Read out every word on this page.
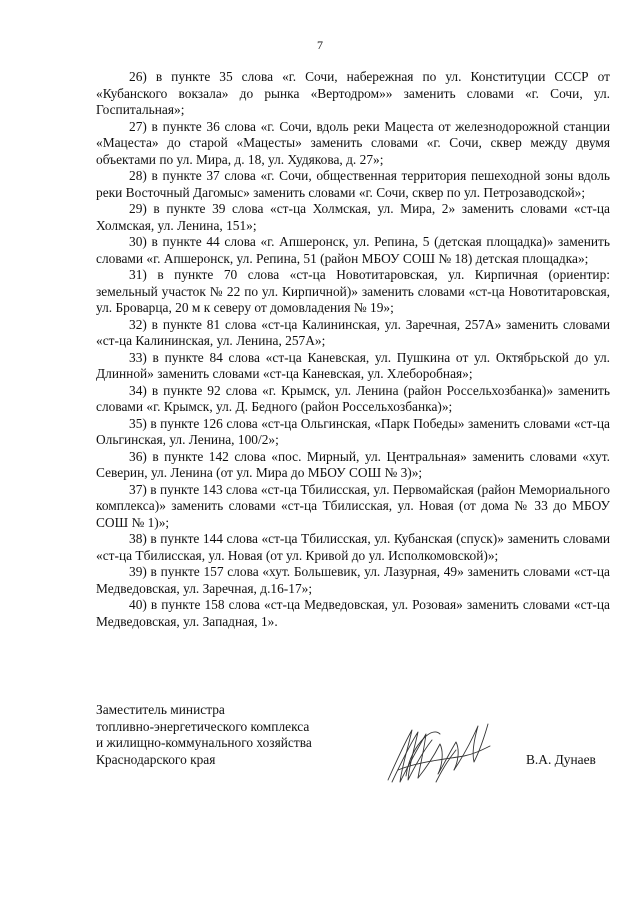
7

26) в пункте 35 слова «г. Сочи, набережная по ул. Конституции СССР от «Кубанского вокзала» до рынка «Вертодром»» заменить словами «г. Сочи, ул. Госпитальная»;

27) в пункте 36 слова «г. Сочи, вдоль реки Мацеста от железнодорожной станции «Мацеста» до старой «Мацесты» заменить словами «г. Сочи, сквер между двумя объектами по ул. Мира, д. 18, ул. Худякова, д. 27»;

28) в пункте 37 слова «г. Сочи, общественная территория пешеходной зоны вдоль реки Восточный Дагомыс» заменить словами «г. Сочи, сквер по ул. Петрозаводской»;

29) в пункте 39 слова «ст-ца Холмская, ул. Мира, 2» заменить словами «ст-ца Холмская, ул. Ленина, 151»;

30) в пункте 44 слова «г. Апшеронск, ул. Репина, 5 (детская площадка)» заменить словами «г. Апшеронск, ул. Репина, 51 (район МБОУ СОШ № 18) детская площадка»;

31) в пункте 70 слова «ст-ца Новотитаровская, ул. Кирпичная (ориентир: земельный участок № 22 по ул. Кирпичной)» заменить словами «ст-ца Новотитаровская, ул. Броварца, 20 м к северу от домовладения № 19»;

32) в пункте 81 слова «ст-ца Калининская, ул. Заречная, 257А» заменить словами «ст-ца Калининская, ул. Ленина, 257А»;

33) в пункте 84 слова «ст-ца Каневская, ул. Пушкина от ул. Октябрьской до ул. Длинной» заменить словами «ст-ца Каневская, ул. Хлеборобная»;

34) в пункте 92 слова «г. Крымск, ул. Ленина (район Россельхозбанка)» заменить словами «г. Крымск, ул. Д. Бедного (район Россельхозбанка)»;

35) в пункте 126 слова «ст-ца Ольгинская, «Парк Победы» заменить словами «ст-ца Ольгинская, ул. Ленина, 100/2»;

36) в пункте 142 слова «пос. Мирный, ул. Центральная» заменить словами «хут. Северин, ул. Ленина (от ул. Мира до МБОУ СОШ № 3)»;

37) в пункте 143 слова «ст-ца Тбилисская, ул. Первомайская (район Мемориального комплекса)» заменить словами «ст-ца Тбилисская, ул. Новая (от дома № 33 до МБОУ СОШ № 1)»;

38) в пункте 144 слова «ст-ца Тбилисская, ул. Кубанская (спуск)» заменить словами «ст-ца Тбилисская, ул. Новая (от ул. Кривой до ул. Исполкомовской)»;

39) в пункте 157 слова «хут. Большевик, ул. Лазурная, 49» заменить словами «ст-ца Медведовская, ул. Заречная, д.16-17»;

40) в пункте 158 слова «ст-ца Медведовская, ул. Розовая» заменить словами «ст-ца Медведовская, ул. Западная, 1».

Заместитель министра
топливно-энергетического комплекса
и жилищно-коммунального хозяйства
Краснодарского края	В.А. Дунаев
